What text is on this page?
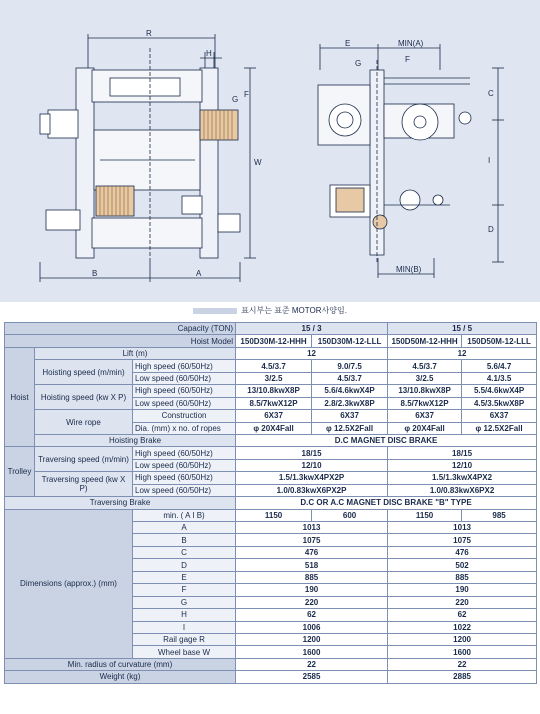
R
H
F
G
W
B	A
E	MIN(A)
G	F
C
I
D
MIN(B)
표시부는 표준 MOTOR사양임.
Capacity (TON)			15 / 3		15 / 5	
Hoist Model			150D30M-12-HHH	150D30M-12-LLL	150D50M-12-HHH	150D50M-12-LLL
Hoist	Lift (m)		12		12	
	Hoisting speed (m/min)	High speed (60/50Hz)	4.5/3.7	9.0/7.5	4.5/3.7	5.6/4.7
		Low speed (60/50Hz)	3/2.5	4.5/3.7	3/2.5	4.1/3.5
	Hoisting speed (kw X P)	High speed (60/50Hz)	13/10.8kwX8P	5.6/4.6kwX4P	13/10.8kwX8P	5.5/4.6kwX4P
		Low speed (60/50Hz)	8.5/7kwX12P	2.8/2.3kwX8P	8.5/7kwX12P	4.5/3.5kwX8P
	Wire rope	Construction	6X37	6X37	6X37	6X37
		Dia. (mm) x no. of ropes	φ 20X4Fall	φ 12.5X2Fall	φ 20X4Fall	φ 12.5X2Fall
	Hoisting Brake		D.C MAGNET DISC BRAKE			
Trolley	Traversing speed (m/min)	High speed (60/50Hz)	18/15		18/15	
		Low speed (60/50Hz)	12/10		12/10	
	Traversing speed (kw X P)	High speed (60/50Hz)	1.5/1.3kwX4PX2P		1.5/1.3kwX4PX2	
		Low speed (60/50Hz)	1.0/0.83kwX6PX2P		1.0/0.83kwX6PX2	
Traversing Brake			D.C OR A.C MAGNET DISC BRAKE "B" TYPE			
Dimensions (approx.) (mm)		min. ( A I B)	1150	600	1150	985
		A	1013		1013	
		B	1075		1075	
		C	476		476	
		D	518		502	
		E	885		885	
		F	190		190	
		G	220		220	
		H	62		62	
		I	1006		1022	
		Rail gage R	1200		1200	
		Wheel base W	1600		1600	
Min. radius of curvature (mm)			22		22	
Weight (kg)			2585		2885	
